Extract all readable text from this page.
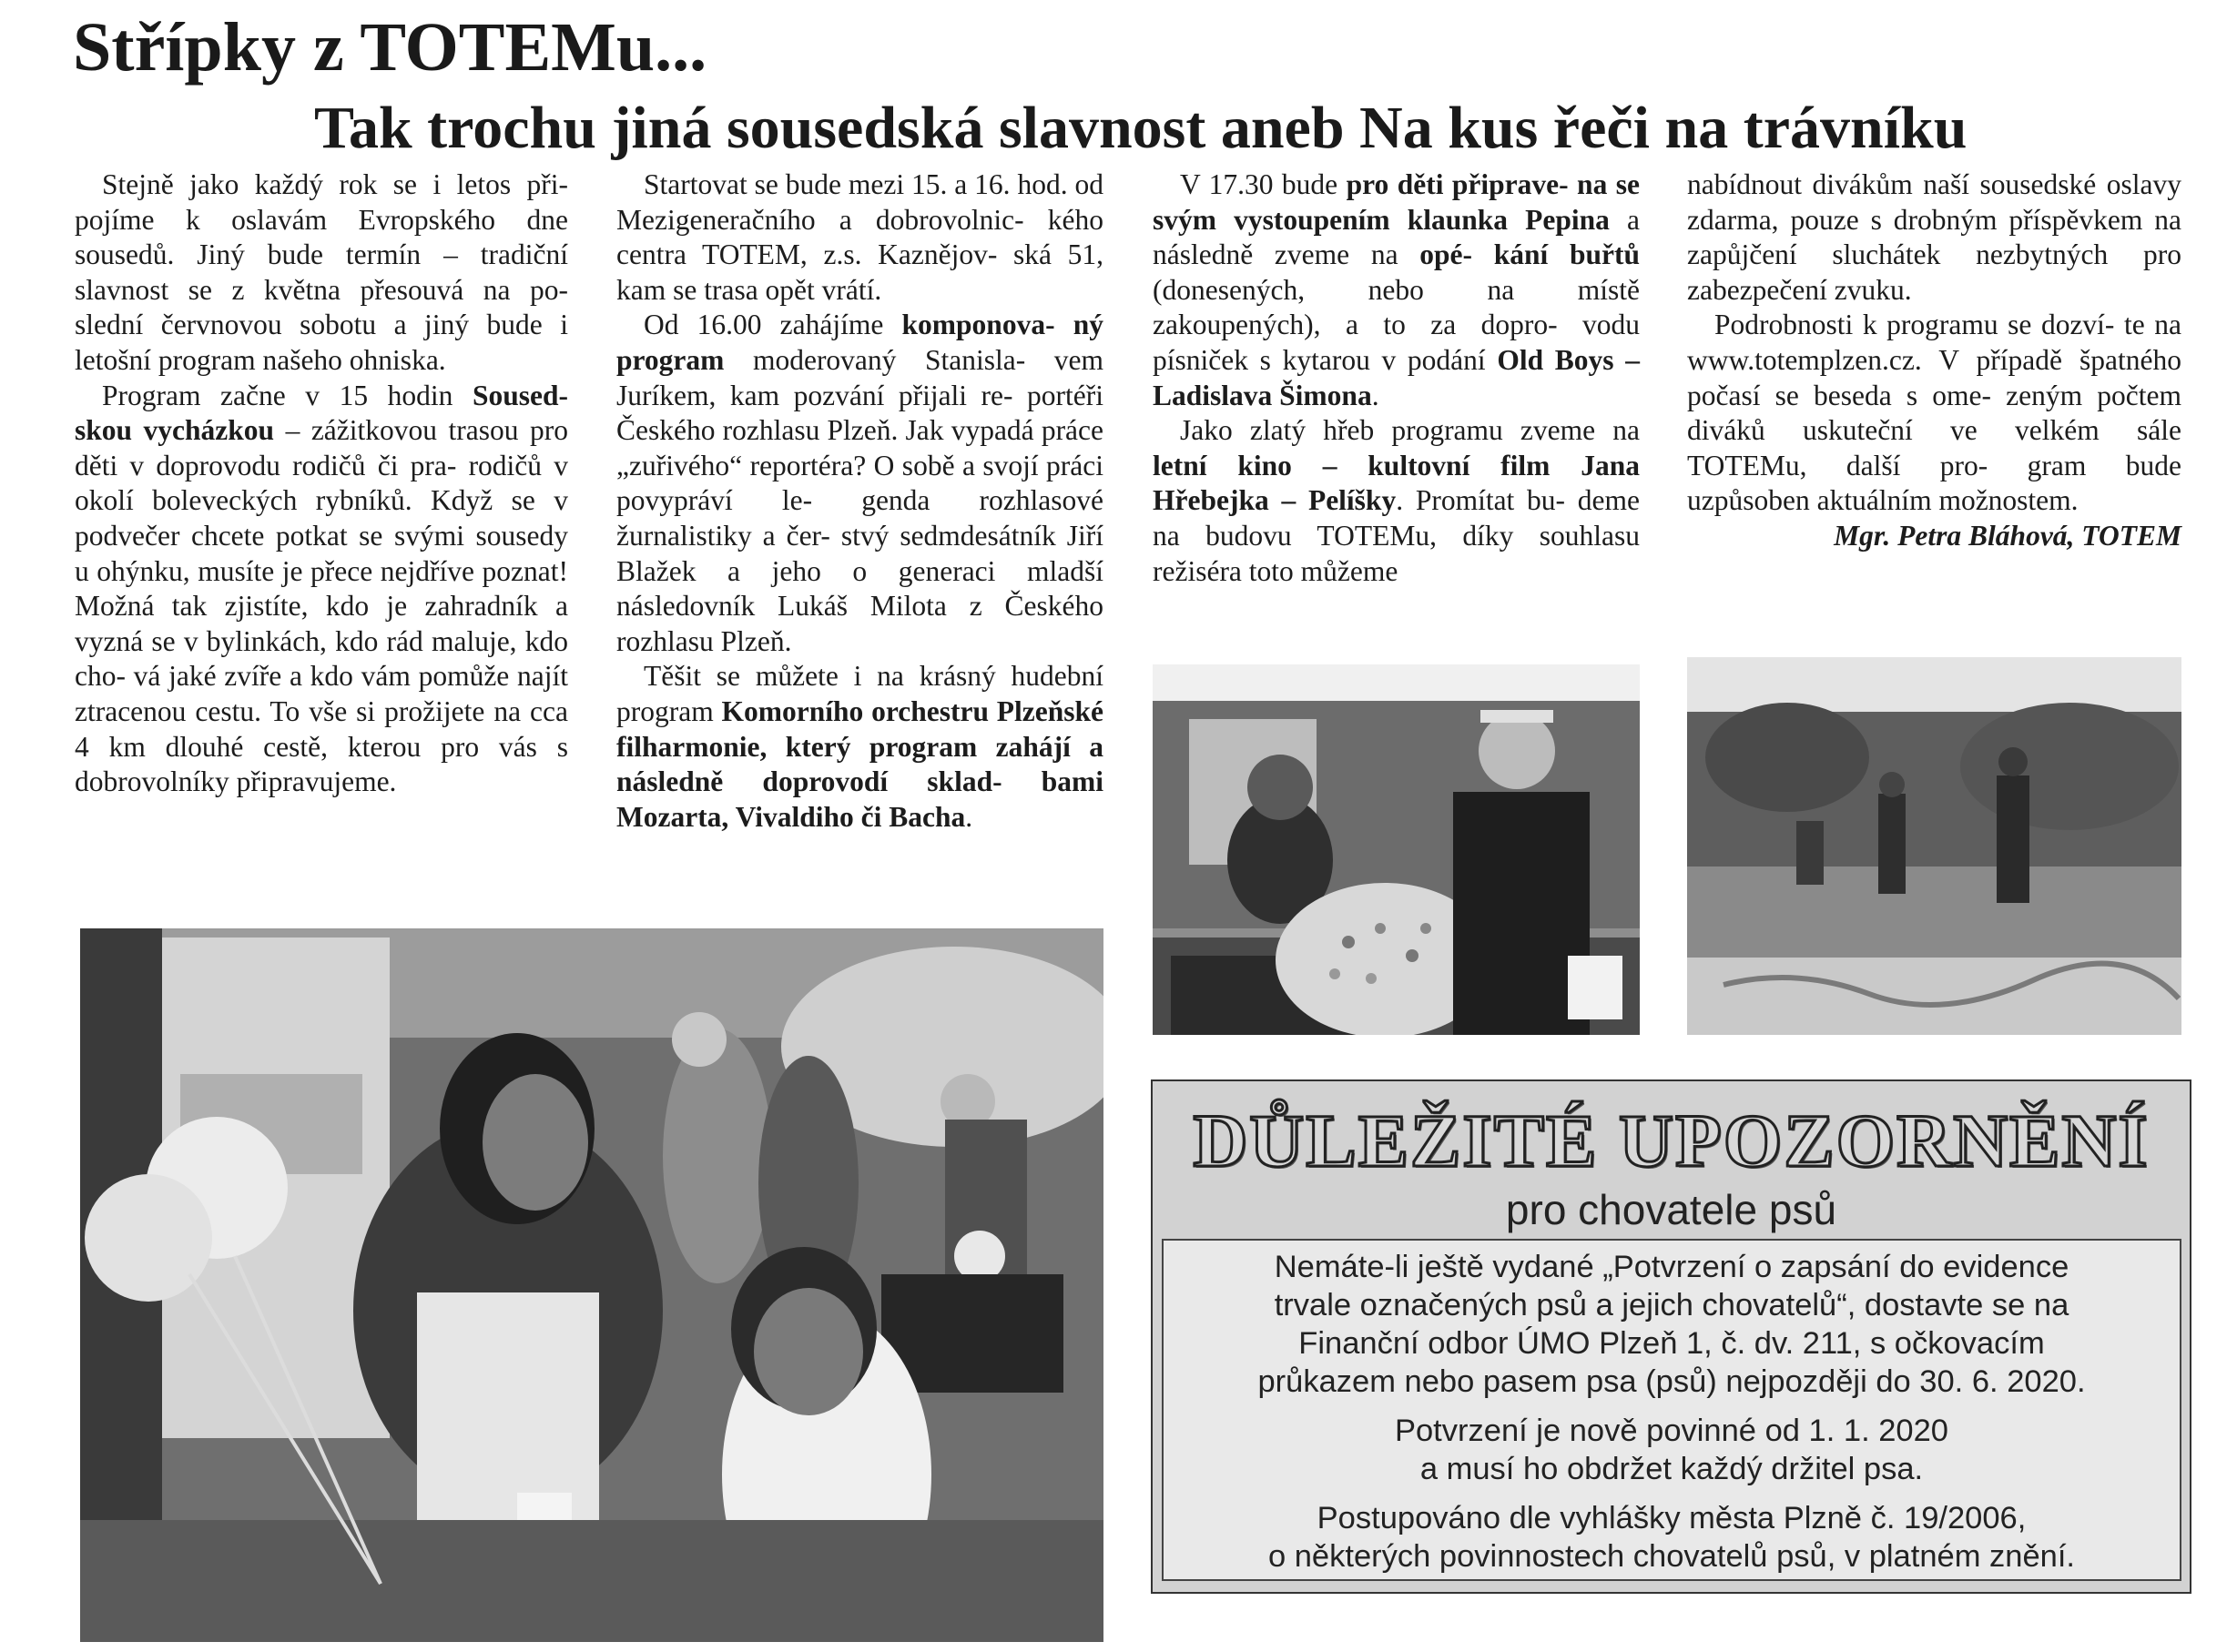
Střípky z TOTEMu...
Tak trochu jiná sousedská slavnost aneb Na kus řeči na trávníku

Stejně jako každý rok se i letos při- pojíme k oslavám Evropského dne sousedů. Jiný bude termín – tradiční slavnost se z května přesouvá na po- slední červnovou sobotu a jiný bude i letošní program našeho ohniska.

Program začne v 15 hodin Soused- skou vycházkou – zážitkovou trasou pro děti v doprovodu rodičů či pra- rodičů v okolí bolevеckých rybníků. Když se v podvečer chcete potkat se svými sousedy u ohýnku, musíte je přece nejdříve poznat! Možná tak zjistíte, kdo je zahradník a vyzná se v bylinkách, kdo rád maluje, kdo cho- vá jaké zvíře a kdo vám pomůže najít ztracenou cestu. To vše si prožijete na cca 4 km dlouhé cestě, kterou pro vás s dobrovolníky připravujeme.

Startovat se bude mezi 15. a 16. hod. od Mezigeneračního a dobrovolnic- kého centra TOTEM, z.s. Kaznějov- ská 51, kam se trasa opět vrátí.

Od 16.00 zahájíme komponova- ný program moderovaný Stanisla- vem Juríkem, kam pozvání přijali re- portéři Českého rozhlasu Plzeň. Jak vypadá práce „zuřivého“ reportéra? O sobě a svojí práci povypráví le- genda rozhlasové žurnalistiky a čer- stvý sedmdesátník Jiří Blažek a jeho o generaci mladší následovník Lukáš Milota z Českého rozhlasu Plzeň.

Těšit se můžete i na krásný hudební program Komorního orchestru Plzeňské filharmonie, který program zahájí a následně doprovodí sklad- bami Mozarta, Vivaldiho či Bacha.

V 17.30 bude pro děti připrave- na se svým vystoupením klaunka Pepina a následně zveme na opé- kání buřtů (donesených, nebo na místě zakoupených), a to za dopro- vodu písniček s kytarou v podání Old Boys – Ladislava Šimona.

Jako zlatý hřeb programu zveme na letní kino – kultovní film Jana Hřebejka – Pelíšky. Promítat bu- deme na budovu TOTEMu, díky souhlasu režiséra toto můžeme

nabídnout divákům naší sousedské oslavy zdarma, pouze s drobným příspěvkem na zapůjčení sluchátek nezbytných pro zabezpečení zvuku.

Podrobnosti k programu se dozví- te na www.totemplzen.cz. V případě špatného počasí se beseda s ome- zeným počtem diváků uskuteční ve velkém sále TOTEMu, další pro- gram bude uzpůsoben aktuálním možnostem.

Mgr. Petra Bláhová, TOTEM

DŮLEŽITÉ UPOZORNĚNÍ
pro chovatele psů

Nemáte-li ještě vydané „Potvrzení o zapsání do evidence
trvale označených psů a jejich chovatelů“, dostavte se na
Finanční odbor ÚMO Plzeň 1, č. dv. 211, s očkovacím
průkazem nebo pasem psa (psů) nejpozději do 30. 6. 2020.

Potvrzení je nově povinné od 1. 1. 2020
a musí ho obdržet každý držitel psa.

Postupováno dle vyhlášky města Plzně č. 19/2006,
o některých povinnostech chovatelů psů, v platném znění.
